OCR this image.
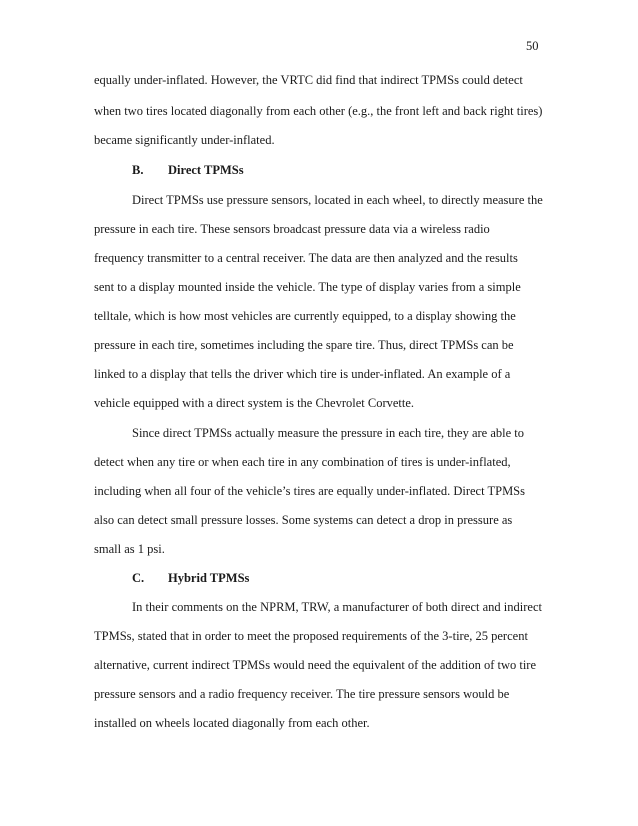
50
equally under-inflated. However, the VRTC did find that indirect TPMSs could detect
when two tires located diagonally from each other (e.g., the front left and back right tires)
became significantly under-inflated.
B. Direct TPMSs
Direct TPMSs use pressure sensors, located in each wheel, to directly measure the
pressure in each tire. These sensors broadcast pressure data via a wireless radio
frequency transmitter to a central receiver. The data are then analyzed and the results
sent to a display mounted inside the vehicle. The type of display varies from a simple
telltale, which is how most vehicles are currently equipped, to a display showing the
pressure in each tire, sometimes including the spare tire. Thus, direct TPMSs can be
linked to a display that tells the driver which tire is under-inflated. An example of a
vehicle equipped with a direct system is the Chevrolet Corvette.
Since direct TPMSs actually measure the pressure in each tire, they are able to
detect when any tire or when each tire in any combination of tires is under-inflated,
including when all four of the vehicle’s tires are equally under-inflated. Direct TPMSs
also can detect small pressure losses. Some systems can detect a drop in pressure as
small as 1 psi.
C. Hybrid TPMSs
In their comments on the NPRM, TRW, a manufacturer of both direct and indirect
TPMSs, stated that in order to meet the proposed requirements of the 3-tire, 25 percent
alternative, current indirect TPMSs would need the equivalent of the addition of two tire
pressure sensors and a radio frequency receiver. The tire pressure sensors would be
installed on wheels located diagonally from each other.
